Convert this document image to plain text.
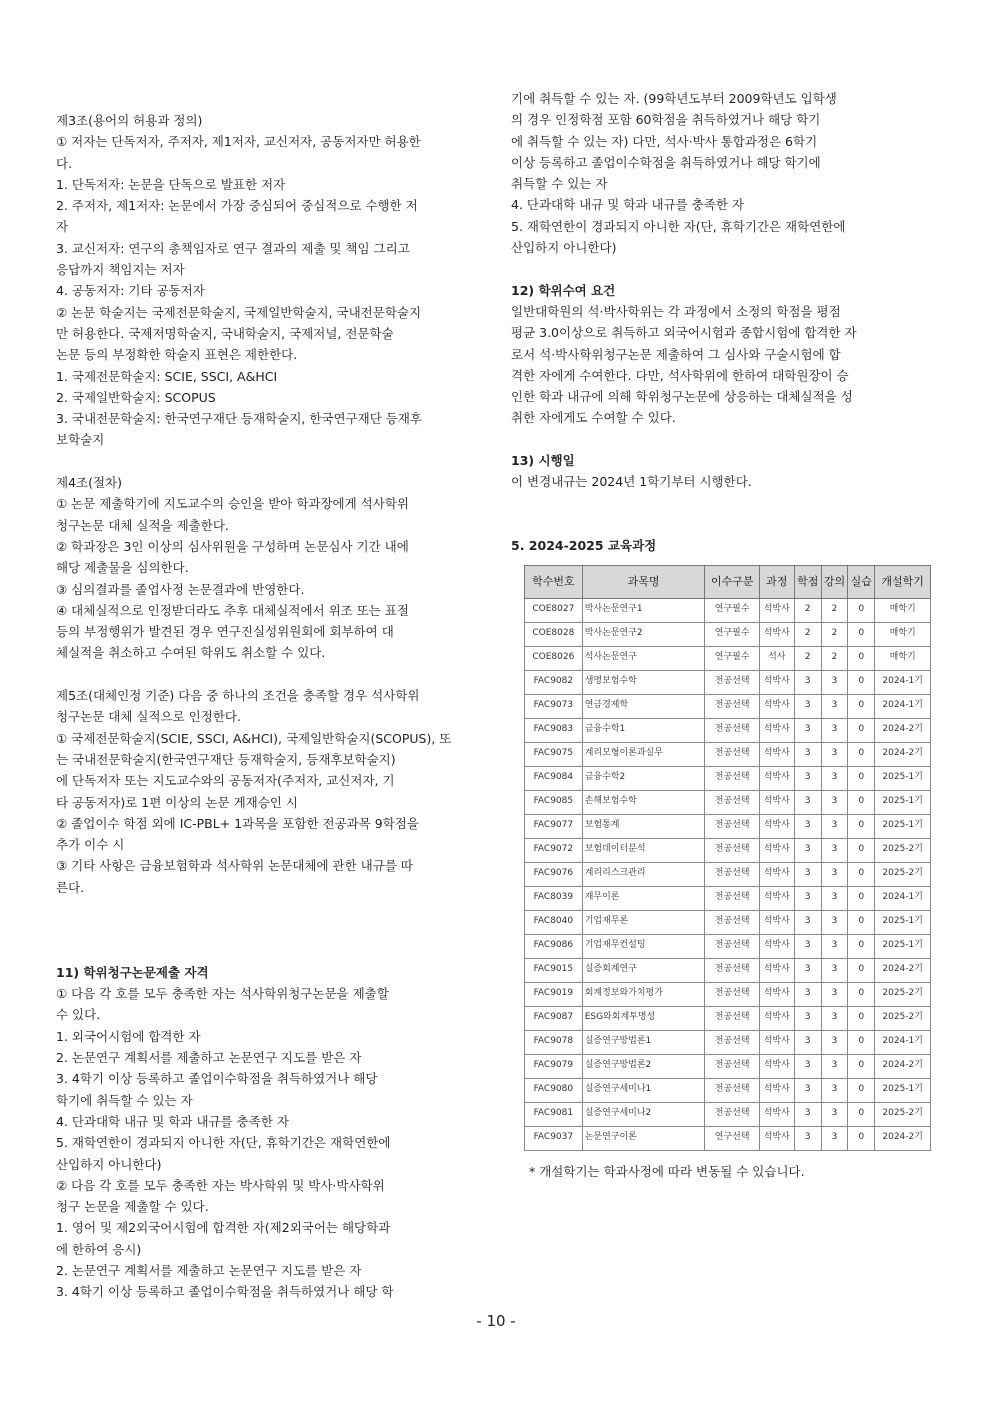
제3조(용어의 허용과 정의)
① 저자는 단독저자, 주저자, 제1저자, 교신저자, 공동저자만 허용한
다.
1. 단독저자: 논문을 단독으로 발표한 저자
2. 주저자, 제1저자: 논문에서 가장 중심되어 중심적으로 수행한 저
자
3. 교신저자: 연구의 총책임자로 연구 결과의 제출 및 책임 그리고
응답까지 책임지는 저자
4. 공동저자: 기타 공동저자
② 논문 학술지는 국제전문학술지, 국제일반학술지, 국내전문학술지
만 허용한다. 국제저명학술지, 국내학술지, 국제저널, 전문학술
논문 등의 부정확한 학술지 표현은 제한한다.
1. 국제전문학술지: SCIE, SSCI, A&HCI
2. 국제일반학술지: SCOPUS
3. 국내전문학술지: 한국연구재단 등재학술지, 한국연구재단 등재후
보학술지
제4조(절차)
① 논문 제출학기에 지도교수의 승인을 받아 학과장에게 석사학위
청구논문 대체 실적을 제출한다.
② 학과장은 3인 이상의 심사위원을 구성하며 논문심사 기간 내에
해당 제출물을 심의한다.
③ 심의결과를 졸업사정 논문결과에 반영한다.
④ 대체실적으로 인정받더라도 추후 대체실적에서 위조 또는 표절
등의 부정행위가 발견된 경우 연구진실성위원회에 회부하여 대
체실적을 취소하고 수여된 학위도 취소할 수 있다.
제5조(대체인정 기준) 다음 중 하나의 조건을 충족할 경우 석사학위
청구논문 대체 실적으로 인정한다.
① 국제전문학술지(SCIE, SSCI, A&HCI), 국제일반학술지(SCOPUS), 또
는 국내전문학술지(한국연구재단 등재학술지, 등재후보학술지)
에 단독저자 또는 지도교수와의 공동저자(주저자, 교신저자, 기
타 공동저자)로 1편 이상의 논문 게재승인 시
② 졸업이수 학점 외에 IC-PBL+ 1과목을 포함한 전공과목 9학점을
추가 이수 시
③ 기타 사항은 금융보험학과 석사학위 논문대체에 관한 내규를 따
른다.
11) 학위청구논문제출 자격
① 다음 각 호를 모두 충족한 자는 석사학위청구논문을 제출할
수 있다.
1. 외국어시험에 합격한 자
2. 논문연구 계획서를 제출하고 논문연구 지도를 받은 자
3. 4학기 이상 등록하고 졸업이수학점을 취득하였거나 해당
학기에 취득할 수 있는 자
4. 단과대학 내규 및 학과 내규를 충족한 자
5. 재학연한이 경과되지 아니한 자(단, 휴학기간은 재학연한에
산입하지 아니한다)
② 다음 각 호를 모두 충족한 자는 박사학위 및 박사·박사학위
청구 논문을 제출할 수 있다.
1. 영어 및 제2외국어시험에 합격한 자(제2외국어는 해당학과
에 한하여 응시)
2. 논문연구 계획서를 제출하고 논문연구 지도를 받은 자
3. 4학기 이상 등록하고 졸업이수학점을 취득하였거나 해당 학
기에 취득할 수 있는 자. (99학년도부터 2009학년도 입학생
의 경우 인정학점 포함 60학점을 취득하였거나 해당 학기
에 취득할 수 있는 자) 다만, 석사·박사 통합과정은 6학기
이상 등록하고 졸업이수학점을 취득하였거나 해당 학기에
취득할 수 있는 자
4. 단과대학 내규 및 학과 내규를 충족한 자
5. 재학연한이 경과되지 아니한 자(단, 휴학기간은 재학연한에
산입하지 아니한다)
12) 학위수여 요건
일반대학원의 석·박사학위는 각 과정에서 소정의 학점을 평점
평균 3.0이상으로 취득하고 외국어시험과 종합시험에 합격한 자
로서 석·박사학위청구논문 제출하여 그 심사와 구술시험에 합
격한 자에게 수여한다. 다만, 석사학위에 한하여 대학원장이 승
인한 학과 내규에 의해 학위청구논문에 상응하는 대체실적을 성
취한 자에게도 수여할 수 있다.
13) 시행일
이 변경내규는 2024년 1학기부터 시행한다.
5. 2024-2025 교육과정
학수번호	과목명	이수구분	과정	학점	강의	실습	개설학기
COE8027	박사논문연구1	연구필수	석박사	2	2	0	매학기
COE8028	박사논문연구2	연구필수	석박사	2	2	0	매학기
COE8026	석사논문연구	연구필수	석사	2	2	0	매학기
FAC9082	생명보험수학	전공선택	석박사	3	3	0	2024-1기
FAC9073	연금경제학	전공선택	석박사	3	3	0	2024-1기
FAC9083	금융수학1	전공선택	석박사	3	3	0	2024-2기
FAC9075	계리모형이론과실무	전공선택	석박사	3	3	0	2024-2기
FAC9084	금융수학2	전공선택	석박사	3	3	0	2025-1기
FAC9085	손해보험수학	전공선택	석박사	3	3	0	2025-1기
FAC9077	보험통계	전공선택	석박사	3	3	0	2025-1기
FAC9072	보험데이터분석	전공선택	석박사	3	3	0	2025-2기
FAC9076	계리리스크관리	전공선택	석박사	3	3	0	2025-2기
FAC8039	재무이론	전공선택	석박사	3	3	0	2024-1기
FAC8040	기업재무론	전공선택	석박사	3	3	0	2025-1기
FAC9086	기업재무컨설팅	전공선택	석박사	3	3	0	2025-1기
FAC9015	실증회계연구	전공선택	석박사	3	3	0	2024-2기
FAC9019	회계정보와가치평가	전공선택	석박사	3	3	0	2025-2기
FAC9087	ESG와회계투명성	전공선택	석박사	3	3	0	2025-2기
FAC9078	실증연구방법론1	전공선택	석박사	3	3	0	2024-1기
FAC9079	실증연구방법론2	전공선택	석박사	3	3	0	2024-2기
FAC9080	실증연구세미나1	전공선택	석박사	3	3	0	2025-1기
FAC9081	실증연구세미나2	전공선택	석박사	3	3	0	2025-2기
FAC9037	논문연구이론	연구선택	석박사	3	3	0	2024-2기
* 개설학기는 학과사정에 따라 변동될 수 있습니다.
- 10 -
